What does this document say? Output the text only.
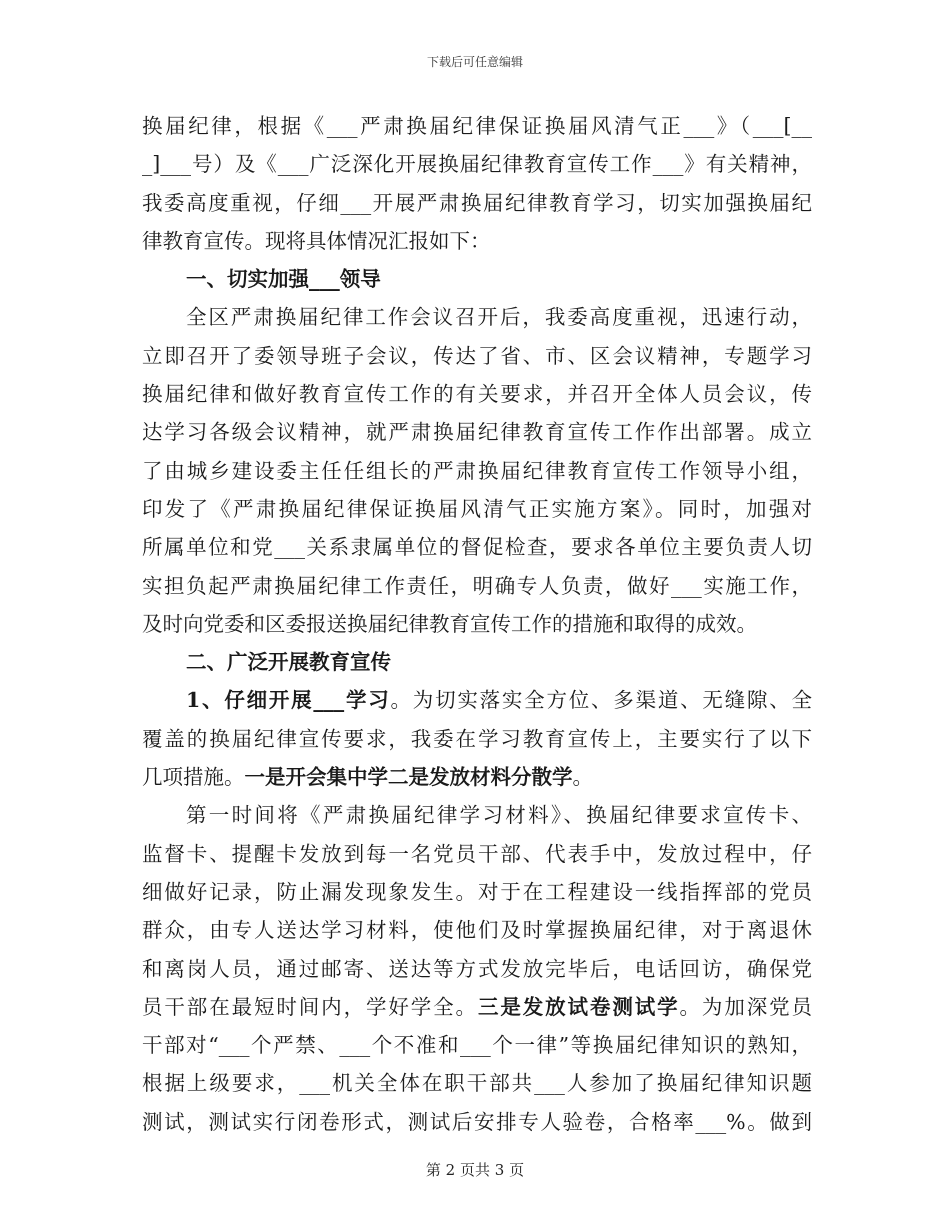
下载后可任意编辑
换届纪律，根据《___严肃换届纪律保证换届风清气正___》（___[__
_]___号）及《___广泛深化开展换届纪律教育宣传工作___》有关精神，
我委高度重视，仔细___开展严肃换届纪律教育学习，切实加强换届纪
律教育宣传。现将具体情况汇报如下：
一、切实加强___领导
全区严肃换届纪律工作会议召开后，我委高度重视，迅速行动，
立即召开了委领导班子会议，传达了省、市、区会议精神，专题学习
换届纪律和做好教育宣传工作的有关要求，并召开全体人员会议，传
达学习各级会议精神，就严肃换届纪律教育宣传工作作出部署。成立
了由城乡建设委主任任组长的严肃换届纪律教育宣传工作领导小组，
印发了《严肃换届纪律保证换届风清气正实施方案》。同时，加强对
所属单位和党___关系隶属单位的督促检查，要求各单位主要负责人切
实担负起严肃换届纪律工作责任，明确专人负责，做好___实施工作，
及时向党委和区委报送换届纪律教育宣传工作的措施和取得的成效。
二、广泛开展教育宣传
1、仔细开展___学习。为切实落实全方位、多渠道、无缝隙、全
覆盖的换届纪律宣传要求，我委在学习教育宣传上，主要实行了以下
几项措施。一是开会集中学二是发放材料分散学。
第一时间将《严肃换届纪律学习材料》、换届纪律要求宣传卡、
监督卡、提醒卡发放到每一名党员干部、代表手中，发放过程中，仔
细做好记录，防止漏发现象发生。对于在工程建设一线指挥部的党员
群众，由专人送达学习材料，使他们及时掌握换届纪律，对于离退休
和离岗人员，通过邮寄、送达等方式发放完毕后，电话回访，确保党
员干部在最短时间内，学好学全。三是发放试卷测试学。为加深党员
干部对“___个严禁、___个不准和___个一律”等换届纪律知识的熟知，
根据上级要求，___机关全体在职干部共___人参加了换届纪律知识题
测试，测试实行闭卷形式，测试后安排专人验卷，合格率___%。做到
第 2 页共 3 页
